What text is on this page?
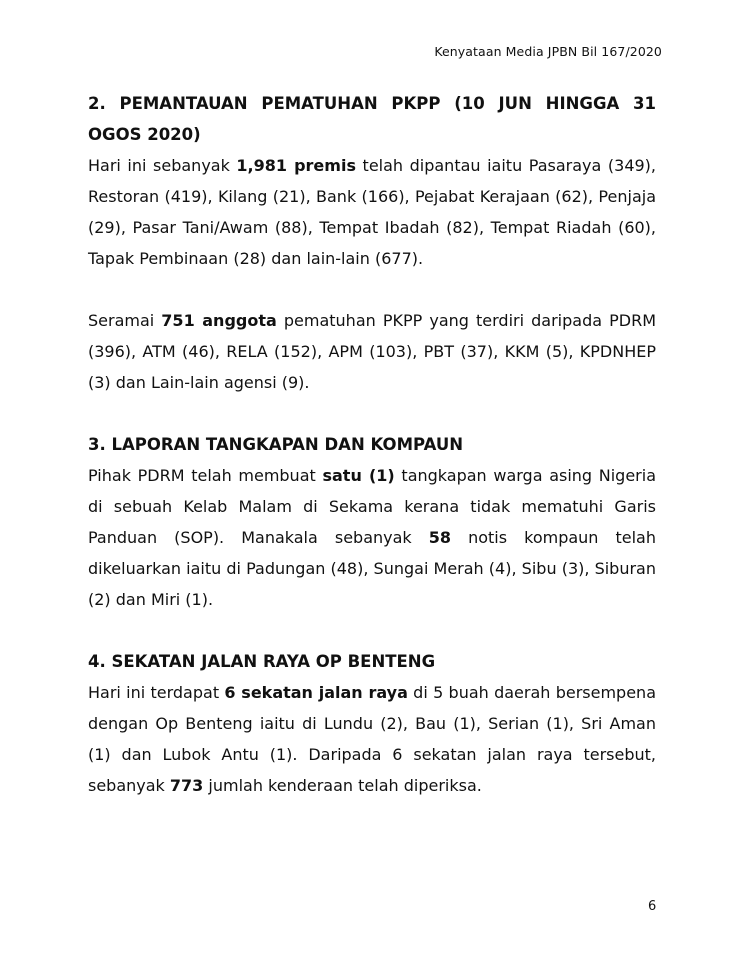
Kenyataan Media JPBN Bil 167/2020

2. PEMANTAUAN PEMATUHAN PKPP (10 JUN HINGGA 31 OGOS 2020)

Hari ini sebanyak 1,981 premis telah dipantau iaitu Pasaraya (349), Restoran (419), Kilang (21), Bank (166), Pejabat Kerajaan (62), Penjaja (29), Pasar Tani/Awam (88), Tempat Ibadah (82), Tempat Riadah (60), Tapak Pembinaan (28) dan lain-lain (677).

Seramai 751 anggota pematuhan PKPP yang terdiri daripada PDRM (396), ATM (46), RELA (152), APM (103), PBT (37), KKM (5), KPDNHEP (3) dan Lain-lain agensi (9).

3. LAPORAN TANGKAPAN DAN KOMPAUN

Pihak PDRM telah membuat satu (1) tangkapan warga asing Nigeria di sebuah Kelab Malam di Sekama kerana tidak mematuhi Garis Panduan (SOP). Manakala sebanyak 58 notis kompaun telah dikeluarkan iaitu di Padungan (48), Sungai Merah (4), Sibu (3), Siburan (2) dan Miri (1).

4. SEKATAN JALAN RAYA OP BENTENG

Hari ini terdapat 6 sekatan jalan raya di 5 buah daerah bersempena dengan Op Benteng iaitu di Lundu (2), Bau (1), Serian (1), Sri Aman (1) dan Lubok Antu (1). Daripada 6 sekatan jalan raya tersebut, sebanyak 773 jumlah kenderaan telah diperiksa.

6
